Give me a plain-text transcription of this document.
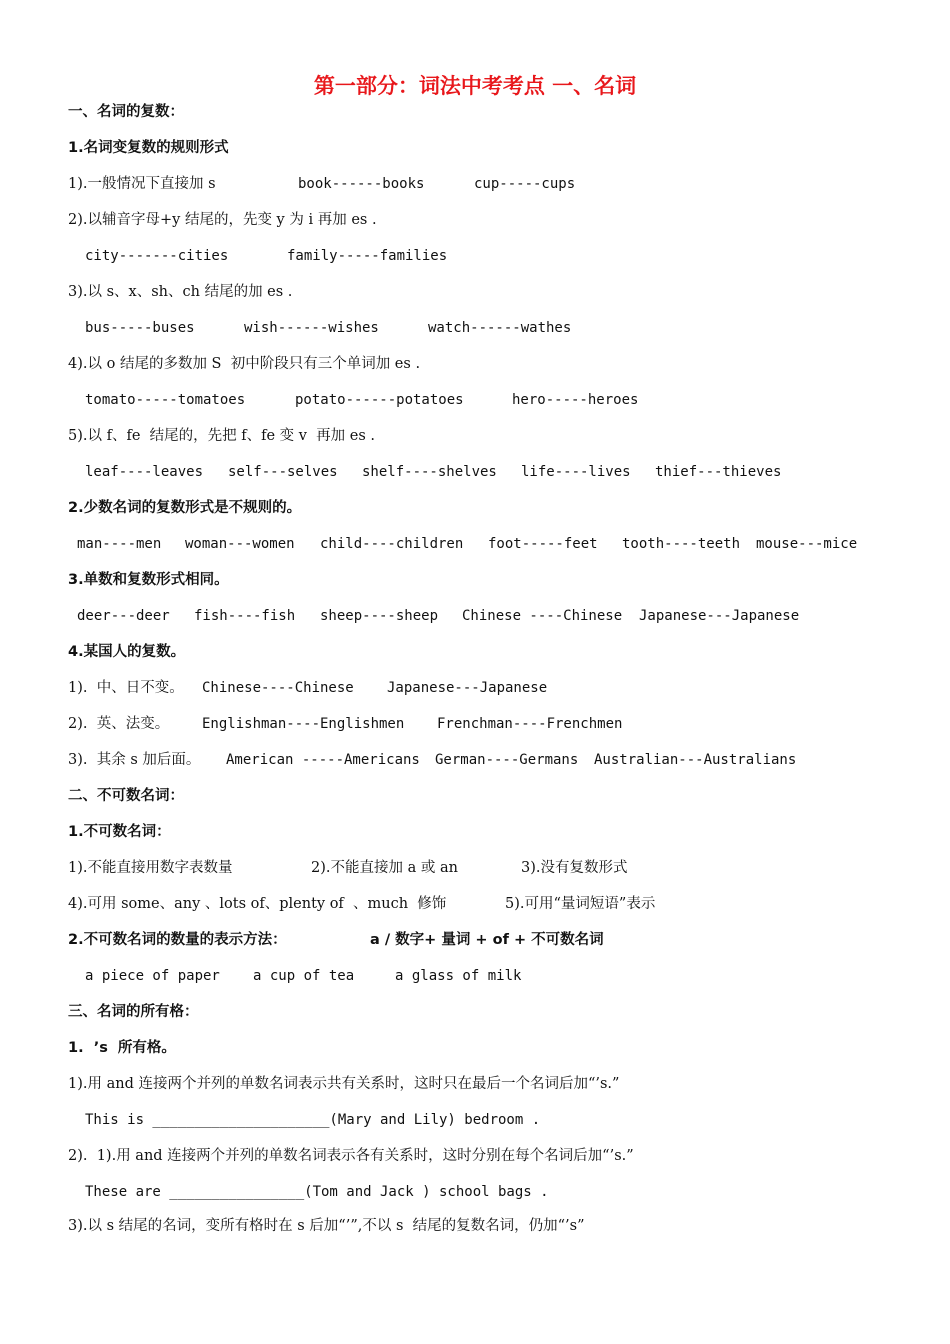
第一部分：词法中考考点 一、名词
一、名词的复数：
1.名词变复数的规则形式
1).一般情况下直接加 s	book------books	cup-----cups
2).以辅音字母+y 结尾的，先变 y 为 i 再加 es .
city-------cities	family-----families
3).以 s、x、sh、ch 结尾的加 es .
bus-----buses	wish------wishes	watch------wathes
4).以 o 结尾的多数加 S  初中阶段只有三个单词加 es .
tomato-----tomatoes	potato------potatoes	hero-----heroes
5).以 f、fe  结尾的，先把 f、fe 变 v  再加 es .
leaf----leaves self---selves shelf----shelves life----lives thief---thieves
2.少数名词的复数形式是不规则的。
man----men woman---women child----children foot-----feet tooth----teeth mouse---mice
3.单数和复数形式相同。
deer---deer fish----fish sheep----sheep Chinese ----Chinese Japanese---Japanese
4.某国人的复数。
1).  中、日不变。 Chinese----Chinese Japanese---Japanese
2).  英、法变。 Englishman----Englishmen Frenchman----Frenchmen
3).  其余 s 加后面。 American -----Americans German----Germans Australian---Australians
二、不可数名词：
1.不可数名词：
1).不能直接用数字表数量	2).不能直接加 a 或 an	3).没有复数形式
4).可用 some、any 、lots of、plenty of  、much  修饰	5).可用“量词短语”表示
2.不可数名词的数量的表示方法：	a / 数字+ 量词 + of + 不可数名词
a piece of paper a cup of tea	a glass of milk
三、名词的所有格：
1.  ’s  所有格。
1).用 and 连接两个并列的单数名词表示共有关系时，这时只在最后一个名词后加“’s.”
This is _____________________(Mary and Lily) bedroom .
2).  1).用 and 连接两个并列的单数名词表示各有关系时，这时分别在每个名词后加“’s.”
These are ________________(Tom and Jack ) school bags .
3).以 s 结尾的名词，变所有格时在 s 后加“’”,不以 s  结尾的复数名词，仍加“’s”
